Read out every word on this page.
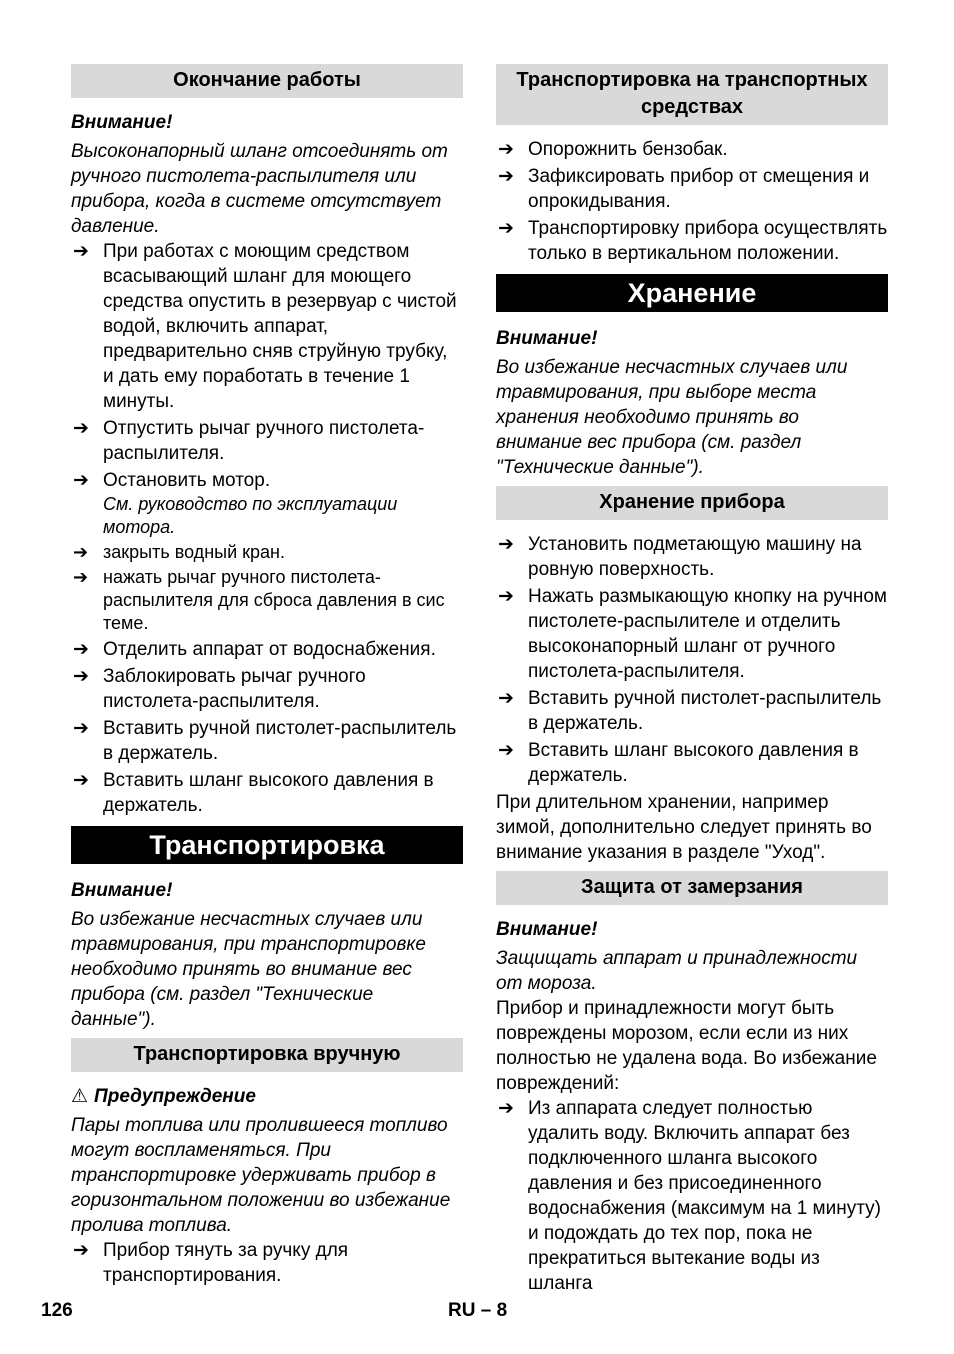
Окончание работы
Внимание!

Высоконапорный шланг отсоединять от ручного пистолета-распылителя или прибора, когда в системе отсутствует давление.

➔ При работах с моющим средством всасывающий шланг для моющего средства опустить в резервуар с чистой водой, включить аппарат, предварительно сняв струйную трубку, и дать ему поработать в течение 1 минуты.
➔ Отпустить рычаг ручного пистолета-распылителя.
➔ Остановить мотор.
См. руководство по эксплуатации мотора.
➔ закрыть водный кран.
➔ нажать рычаг ручного пистолета-распылителя для сброса давления в сис теме.
➔ Отделить аппарат от водоснабжения.
➔ Заблокировать рычаг ручного пистолета-распылителя.
➔ Вставить ручной пистолет-распылитель в держатель.
➔ Вставить шланг высокого давления в держатель.
Транспортировка
Внимание!

Во избежание несчастных случаев или травмирования, при транспортировке необходимо принять во внимание вес прибора (см. раздел "Технические данные").

Транспортировка вручную
⚠ Предупреждение

Пары топлива или пролившееся топливо могут воспламеняться. При транспортировке удерживать прибор в горизонтальном положении во избежание пролива топлива.

➔ Прибор тянуть за ручку для транспортирования.
Транспортировка на транспортных средствах
➔ Опорожнить бензобак.
➔ Зафиксировать прибор от смещения и опрокидывания.
➔ Транспортировку прибора осуществлять только в вертикальном положении.
Хранение
Внимание!

Во избежание несчастных случаев или травмирования, при выборе места хранения необходимо принять во внимание вес прибора (см. раздел "Технические данные").

Хранение прибора
➔ Установить подметающую машину на ровную поверхность.
➔ Нажать размыкающую кнопку на ручном пистолете-распылителе и отделить высоконапорный шланг от ручного пистолета-распылителя.
➔ Вставить ручной пистолет-распылитель в держатель.
➔ Вставить шланг высокого давления в держатель.

При длительном хранении, например зимой, дополнительно следует принять во внимание указания в разделе "Уход".

Защита от замерзания
Внимание!

Защищать аппарат и принадлежности от мороза.

Прибор и принадлежности могут быть повреждены морозом, если если из них полностью не удалена вода. Во избежание повреждений:

➔ Из аппарата следует полностью удалить воду. Включить аппарат без подключенного шланга высокого давления и без присоединенного водоснабжения (максимум на 1 минуту) и подождать до тех пор, пока не прекратиться вытекание воды из шланга
126	RU – 8
